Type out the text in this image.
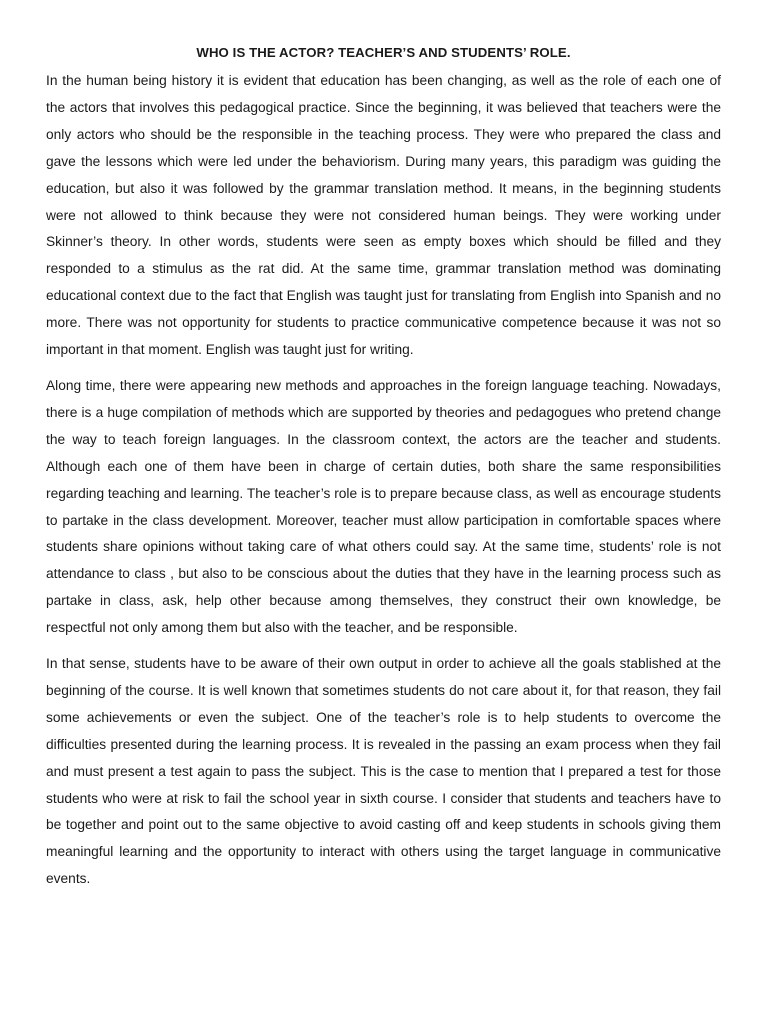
WHO IS THE ACTOR? TEACHER’S AND STUDENTS’ ROLE.

In the human being history it is evident that education has been changing, as well as the role of each one of the actors that involves this pedagogical practice. Since the beginning, it was believed that teachers were the only actors who should be the responsible in the teaching process. They were who prepared the class and gave the lessons which were led under the behaviorism. During many years, this paradigm was guiding the education, but also it was followed by the grammar translation method. It means, in the beginning students were not allowed to think because they were not considered human beings. They were working under Skinner’s theory. In other words, students were seen as empty boxes which should be filled and they responded to a stimulus as the rat did. At the same time, grammar translation method was dominating educational context due to the fact that English was taught just for translating from English into Spanish and no more. There was not opportunity for students to practice communicative competence because it was not so important in that moment. English was taught just for writing.

Along time, there were appearing new methods and approaches in the foreign language teaching. Nowadays, there is a huge compilation of methods which are supported by theories and pedagogues who pretend change the way to teach foreign languages. In the classroom context, the actors are the teacher and students. Although each one of them have been in charge of certain duties, both share the same responsibilities regarding teaching and learning. The teacher’s role is to prepare because class, as well as encourage students to partake in the class development. Moreover, teacher must allow participation in comfortable spaces where students share opinions without taking care of what others could say. At the same time, students’ role is not attendance to class , but also to be conscious about the duties that they have in the learning process such as partake in class, ask, help other because among themselves, they construct their own knowledge, be respectful not only among them but also with the teacher, and be responsible.

In that sense, students have to be aware of their own output in order to achieve all the goals stablished at the beginning of the course. It is well known that sometimes students do not care about it, for that reason, they fail some achievements or even the subject. One of the teacher’s role is to help students to overcome the difficulties presented during the learning process. It is revealed in the passing an exam process when they fail and must present a test again to pass the subject. This is the case to mention that I prepared a test for those students who were at risk to fail the school year in sixth course. I consider that students and teachers have to be together and point out to the same objective to avoid casting off and keep students in schools giving them meaningful learning and the opportunity to interact with others using the target language in communicative events.
